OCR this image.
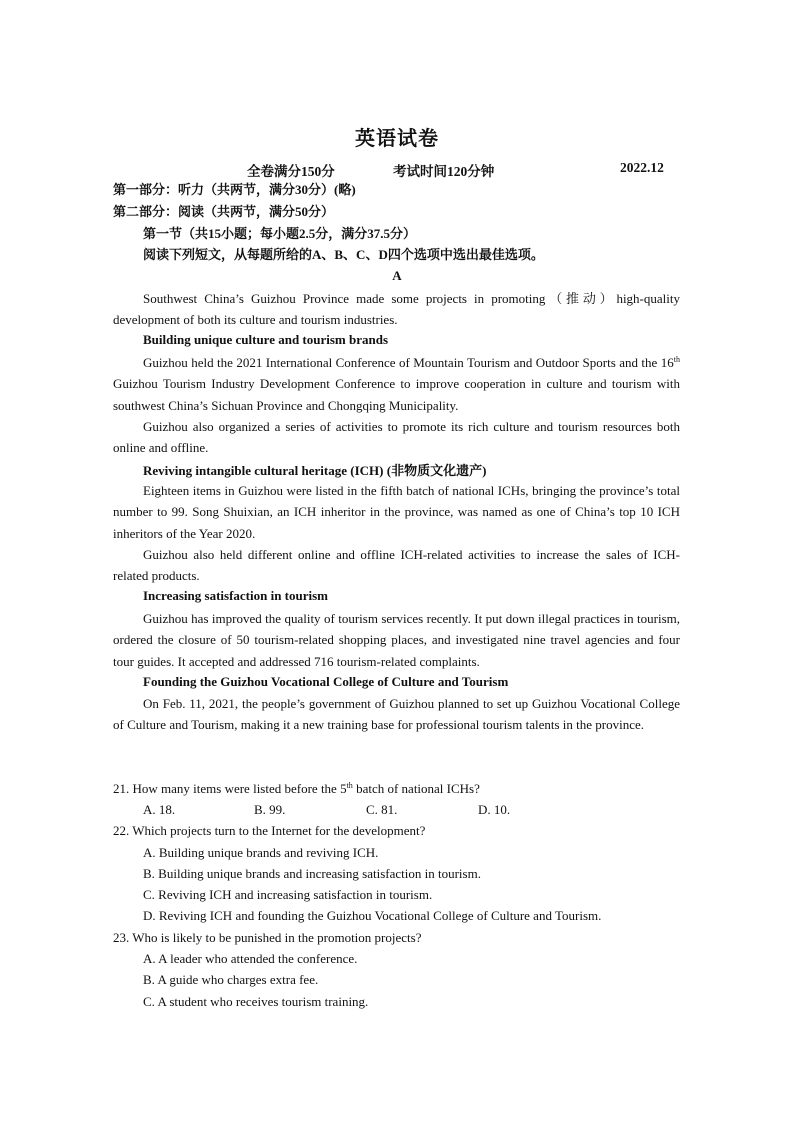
英语试卷
全卷满分150分	考试时间120分钟	2022.12
第一部分：听力（共两节，满分30分）(略)
第二部分：阅读（共两节，满分50分）
第一节（共15小题；每小题2.5分，满分37.5分）
阅读下列短文，从每题所给的A、B、C、D四个选项中选出最佳选项。
A

Southwest China’s Guizhou Province made some projects in promoting（推动）high-quality development of both its culture and tourism industries.

Building unique culture and tourism brands

Guizhou held the 2021 International Conference of Mountain Tourism and Outdoor Sports and the 16th Guizhou Tourism Industry Development Conference to improve cooperation in culture and tourism with southwest China’s Sichuan Province and Chongqing Municipality.

Guizhou also organized a series of activities to promote its rich culture and tourism resources both online and offline.

Reviving intangible cultural heritage (ICH) (非物质文化遗产)

Eighteen items in Guizhou were listed in the fifth batch of national ICHs, bringing the province’s total number to 99. Song Shuixian, an ICH inheritor in the province, was named as one of China’s top 10 ICH inheritors of the Year 2020.

Guizhou also held different online and offline ICH-related activities to increase the sales of ICH-related products.

Increasing satisfaction in tourism

Guizhou has improved the quality of tourism services recently. It put down illegal practices in tourism, ordered the closure of 50 tourism-related shopping places, and investigated nine travel agencies and four tour guides. It accepted and addressed 716 tourism-related complaints.

Founding the Guizhou Vocational College of Culture and Tourism

On Feb. 11, 2021, the people’s government of Guizhou planned to set up Guizhou Vocational College of Culture and Tourism, making it a new training base for professional tourism talents in the province.

21. How many items were listed before the 5th batch of national ICHs?
A. 18.	B. 99.	C. 81.	D. 10.
22. Which projects turn to the Internet for the development?
A. Building unique brands and reviving ICH.
B. Building unique brands and increasing satisfaction in tourism.
C. Reviving ICH and increasing satisfaction in tourism.
D. Reviving ICH and founding the Guizhou Vocational College of Culture and Tourism.
23. Who is likely to be punished in the promotion projects?
A. A leader who attended the conference.
B. A guide who charges extra fee.
C. A student who receives tourism training.
